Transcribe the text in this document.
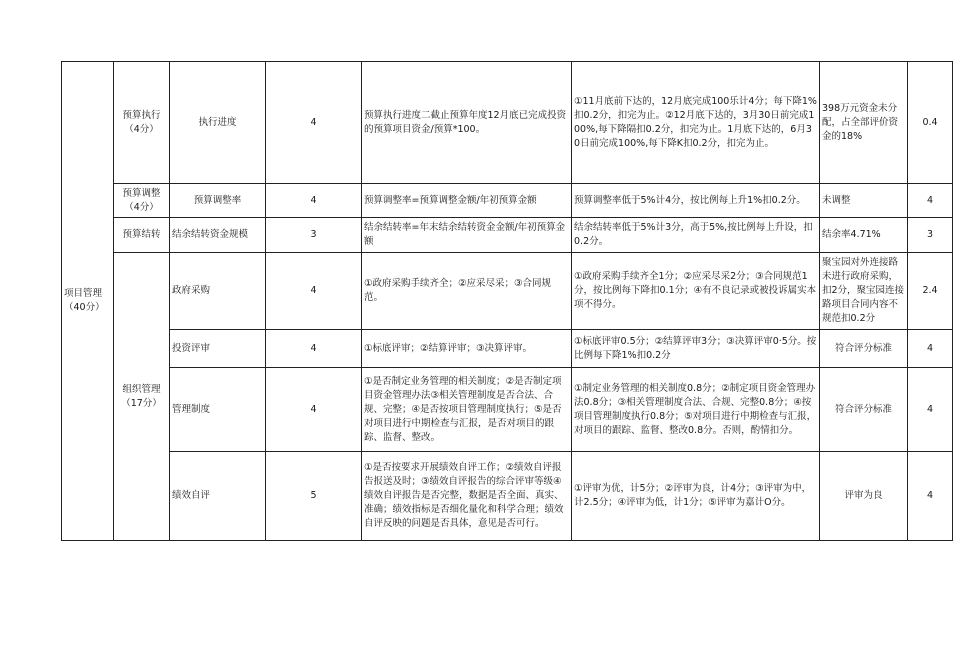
项目管理（40分）	预算执行（4分）	执行进度	4	预算执行进度二截止预算年度12月底已完成投资的预算项目资金/预算*100。	①11月底前下达的，12月底完成100乐计4分；每下降1%扣0.2分，扣完为止。②12月底下达的，3月30日前完成100%,每下降隔扣0.2分，扣完为止。1月底下达的，6月30日前完成100%,每下降K扣0.2分，扣完为止。	398万元资金未分配，占全部评价资金的18%	0.4
	预算调整（4分）	预算调整率	4	预算调整率=预算调整金额/年初预算金额	预算调整率低于5%计4分，按比例每上升1%扣0.2分。	未调整	4
	预算结转	结余结转资金规模	3	结余结转率=年末结余结转资金金额/年初预算金额	结余结转率低于5%计3分，高于5%,按比例每上升设，扣0.2分。	结余率4.71%	3
	组织管理（17分）	政府采购	4	①政府采购手续齐全；②应采尽采；③合同规范。	①政府采购手续齐全1分；②应采尽采2分；③合同规范1分，按比例每下降扣0.1分；④有不良记录或被投诉属实本项不得分。	聚宝园对外连接路未进行政府采购，扣2分，聚宝园连接路项目合同内容不规范扣0.2分	2.4
		投资评审	4	①标底评审；②结算评审；③决算评审。	①标底评审0.5分；②结算评审3分；③决算评审0·5分。按比例每下降1%扣0.2分	符合评分标准	4
		管理制度	4	①是否制定业务管理的相关制度；②是否制定项目资金管理办法③相关管理制度是否合法、合规、完整；④是否按项目管理制度执行；⑤是否对项目进行中期检查与汇报，是否对项目的跟踪、监督、整改。	①制定业务管理的相关制度0.8分；②制定项目资金管理办法0.8分；③相关管理制度合法、合规、完整0.8分；④按项目管理制度执行0.8分；⑤对项目进行中期检查与汇报，对项目的跟踪、监督、整改0.8分。否则，酌情扣分。	符合评分标准	4
		绩效自评	5	①是否按要求开展绩效自评工作；②绩效自评报告报送及时；③绩效自评报告的综合评审等级④绩效自评报告是否完整，数据是否全面、真实、准确；绩效指标是否细化量化和科学合理；绩效自评反映的问题是否具体，意见是否可行。	①评审为优，计5分；②评审为良，计4分；③评审为中，计2.5分；④评审为低，计1分；⑤评审为嘉计O分。	评审为良	4
